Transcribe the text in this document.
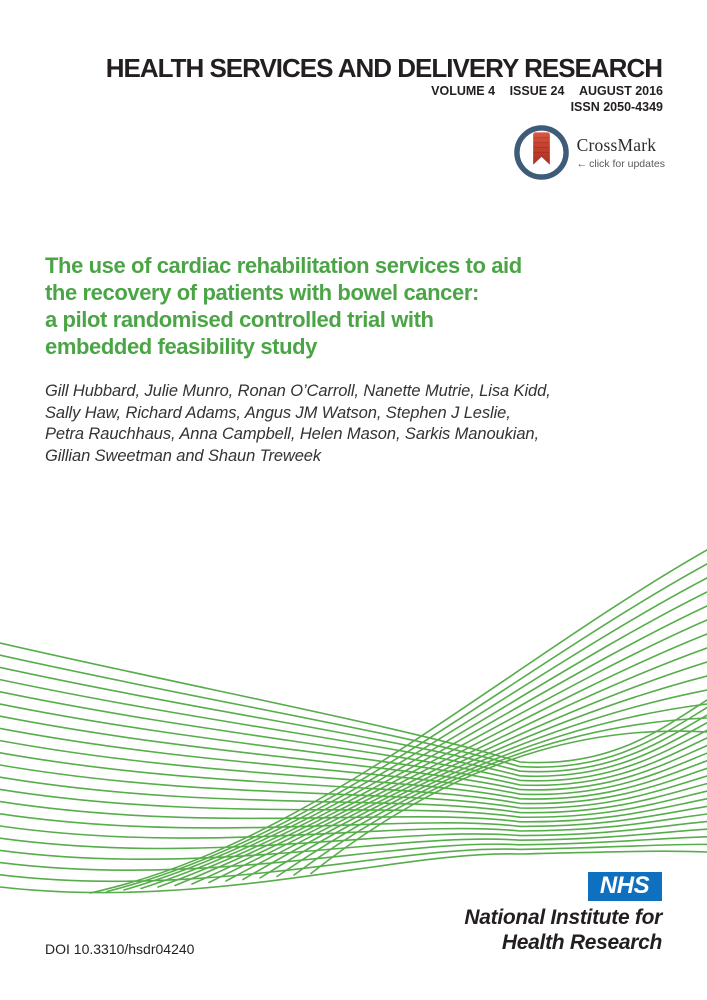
HEALTH SERVICES AND DELIVERY RESEARCH
VOLUME 4 ISSUE 24 AUGUST 2016
ISSN 2050-4349
CrossMark
← click for updates
The use of cardiac rehabilitation services to aid
the recovery of patients with bowel cancer:
a pilot randomised controlled trial with
embedded feasibility study
Gill Hubbard, Julie Munro, Ronan O’Carroll, Nanette Mutrie, Lisa Kidd,
Sally Haw, Richard Adams, Angus JM Watson, Stephen J Leslie,
Petra Rauchhaus, Anna Campbell, Helen Mason, Sarkis Manoukian,
Gillian Sweetman and Shaun Treweek
DOI 10.3310/hsdr04240
NHS
National Institute for
Health Research
